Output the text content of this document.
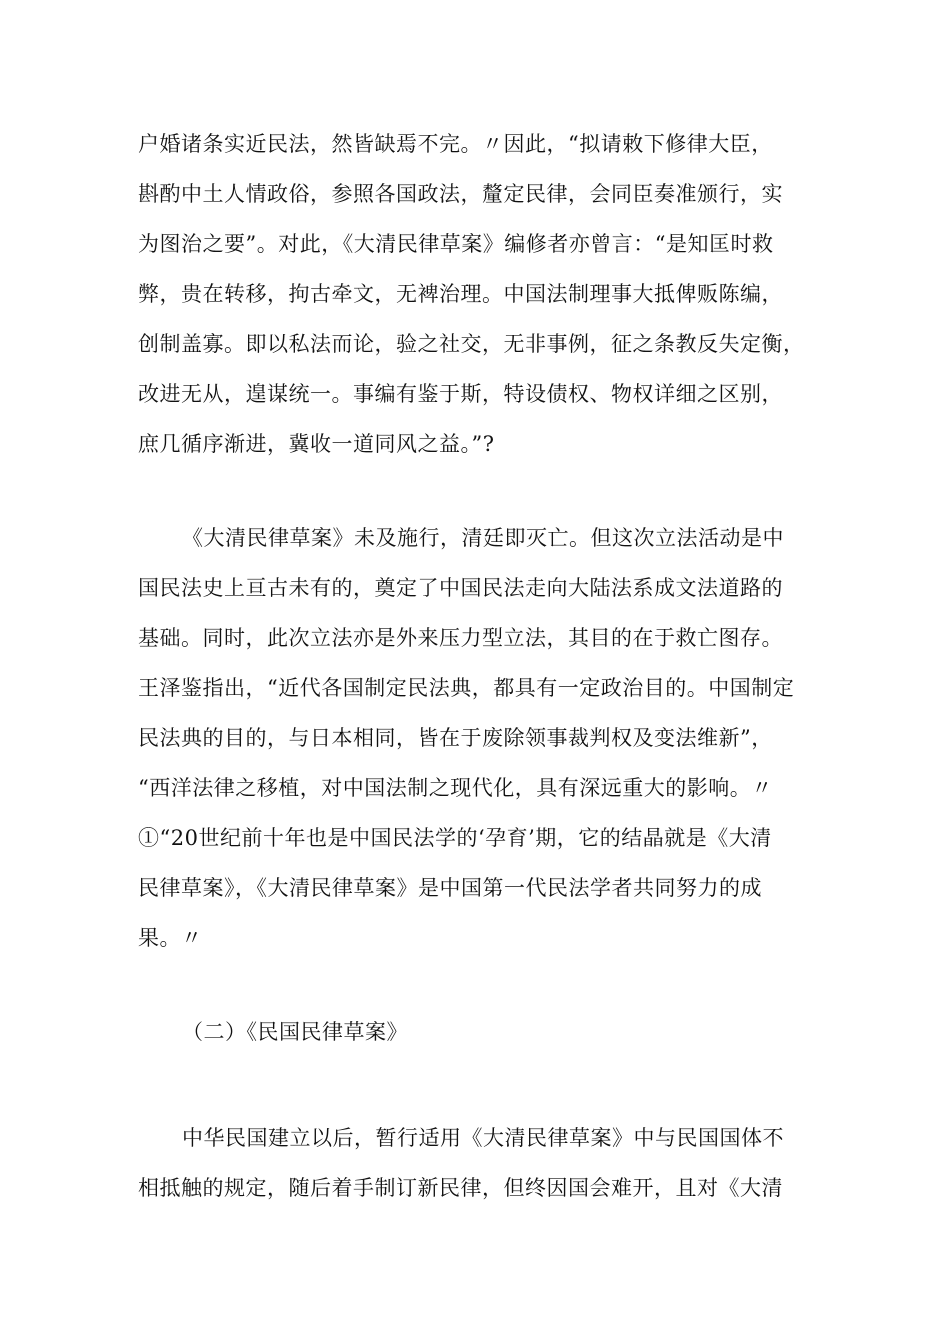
户婚诸条实近民法，然皆缺焉不完。〃因此，“拟请敕下修律大臣，
斟酌中土人情政俗，参照各国政法，釐定民律，会同臣奏准颁行，实
为图治之要”。对此，《大清民律草案》编修者亦曾言：“是知匡时救
弊，贵在转移，拘古牵文，无裨治理。中国法制理事大抵俾贩陈编，
创制盖寡。即以私法而论，验之社交，无非事例，征之条教反失定衡，
改进无从，遑谋统一。事编有鉴于斯，特设债权、物权详细之区别，
庶几循序渐进，冀收一道同风之益。”?
《大清民律草案》未及施行，清廷即灭亡。但这次立法活动是中
国民法史上亘古未有的，奠定了中国民法走向大陆法系成文法道路的
基础。同时，此次立法亦是外来压力型立法，其目的在于救亡图存。
王泽鉴指出，“近代各国制定民法典，都具有一定政治目的。中国制定
民法典的目的，与日本相同，皆在于废除领事裁判权及变法维新”，
“西洋法律之移植，对中国法制之现代化，具有深远重大的影响。〃
①“20世纪前十年也是中国民法学的‘孕育’期，它的结晶就是《大清
民律草案》，《大清民律草案》是中国第一代民法学者共同努力的成
果。〃
（二）《民国民律草案》
中华民国建立以后，暂行适用《大清民律草案》中与民国国体不
相抵触的规定，随后着手制订新民律，但终因国会难开，且对《大清
